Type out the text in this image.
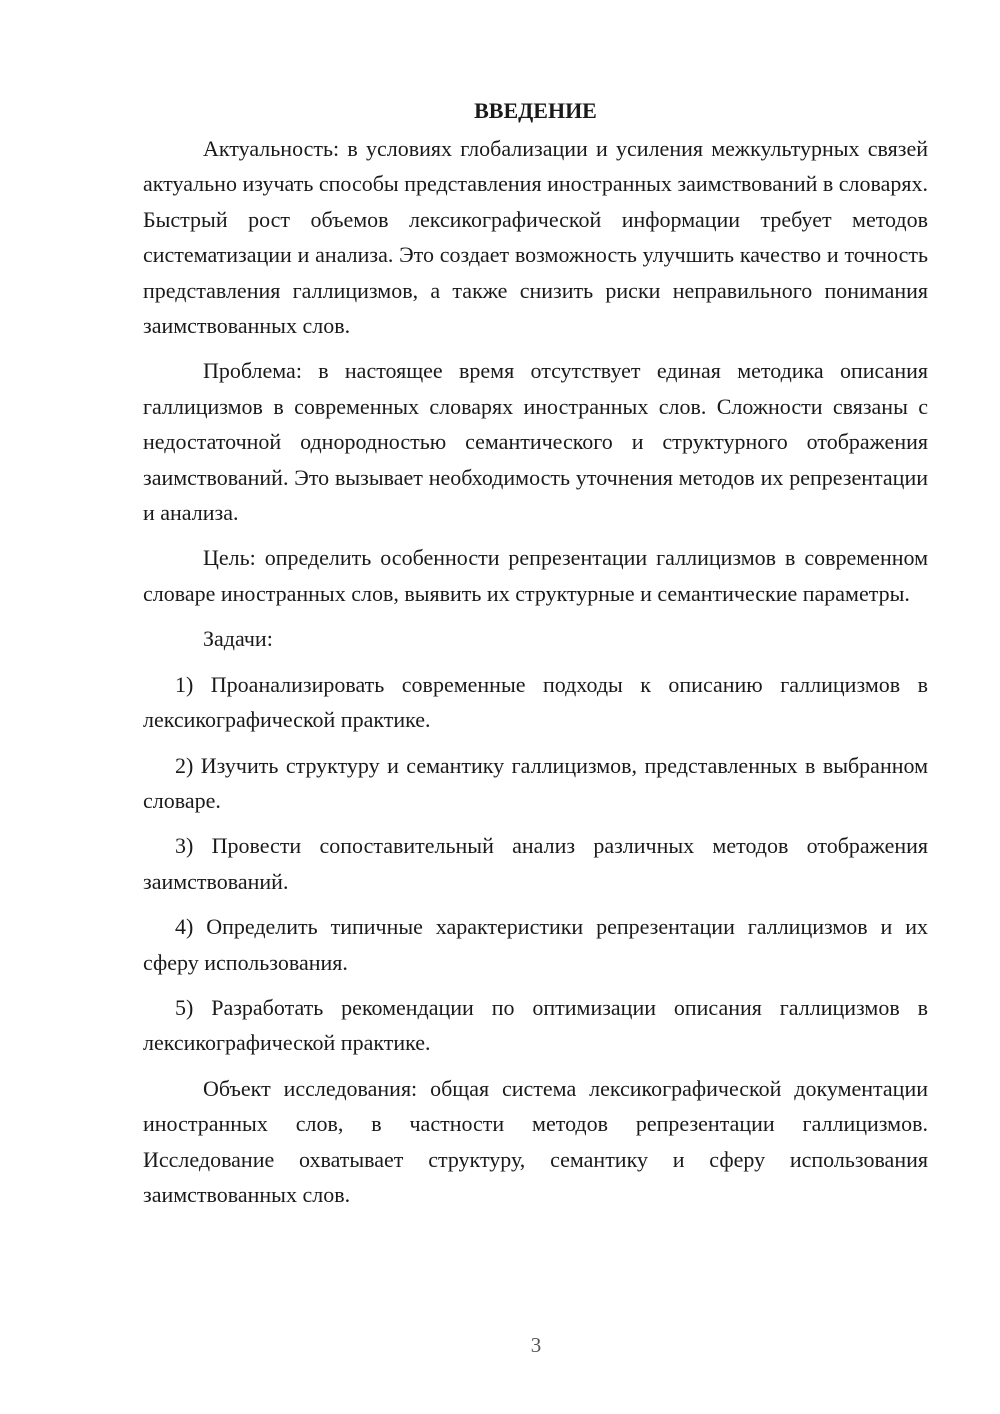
ВВЕДЕНИЕ

Актуальность: в условиях глобализации и усиления межкультурных связей актуально изучать способы представления иностранных заимствований в словарях. Быстрый рост объемов лексикографической информации требует методов систематизации и анализа. Это создает возможность улучшить качество и точность представления галлицизмов, а также снизить риски неправильного понимания заимствованных слов.

Проблема: в настоящее время отсутствует единая методика описания галлицизмов в современных словарях иностранных слов. Сложности связаны с недостаточной однородностью семантического и структурного отображения заимствований. Это вызывает необходимость уточнения методов их репрезентации и анализа.

Цель: определить особенности репрезентации галлицизмов в современном словаре иностранных слов, выявить их структурные и семантические параметры.

Задачи:

1) Проанализировать современные подходы к описанию галлицизмов в лексикографической практике.

2) Изучить структуру и семантику галлицизмов, представленных в выбранном словаре.

3) Провести сопоставительный анализ различных методов отображения заимствований.

4) Определить типичные характеристики репрезентации галлицизмов и их сферу использования.

5) Разработать рекомендации по оптимизации описания галлицизмов в лексикографической практике.

Объект исследования: общая система лексикографической документации иностранных слов, в частности методов репрезентации галлицизмов. Исследование охватывает структуру, семантику и сферу использования заимствованных слов.

3
